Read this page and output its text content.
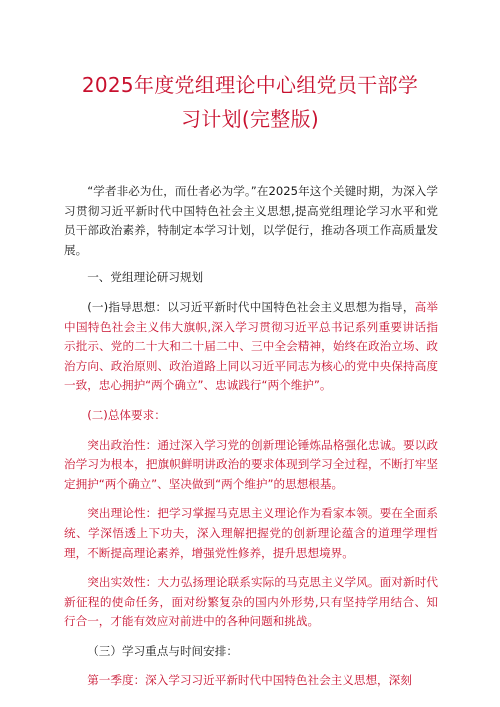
2025年度党组理论中心组党员干部学
习计划(完整版)

“学者非必为仕，而仕者必为学。”在2025年这个关键时期，为深入学习贯彻习近平新时代中国特色社会主义思想,提高党组理论学习水平和党员干部政治素养，特制定本学习计划，以学促行，推动各项工作高质量发展。

一、党组理论研习规划

(一)指导思想：以习近平新时代中国特色社会主义思想为指导，高举中国特色社会主义伟大旗帜,深入学习贯彻习近平总书记系列重要讲话指示批示、党的二十大和二十届二中、三中全会精神，始终在政治立场、政治方向、政治原则、政治道路上同以习近平同志为核心的党中央保持高度一致，忠心拥护“两个确立”、忠诚践行“两个维护”。

(二)总体要求：

突出政治性：通过深入学习党的创新理论锤炼品格强化忠诚。要以政治学习为根本，把旗帜鲜明讲政治的要求体现到学习全过程，不断打牢坚定拥护“两个确立”、坚决做到“两个维护”的思想根基。

突出理论性：把学习掌握马克思主义理论作为看家本领。要在全面系统、学深悟透上下功夫，深入理解把握党的创新理论蕴含的道理学理哲理，不断提高理论素养，增强党性修养，提升思想境界。

突出实效性：大力弘扬理论联系实际的马克思主义学风。面对新时代新征程的使命任务，面对纷繁复杂的国内外形势,只有坚持学用结合、知行合一，才能有效应对前进中的各种问题和挑战。

（三）学习重点与时间安排：

第一季度：深入学习习近平新时代中国特色社会主义思想，深刻
